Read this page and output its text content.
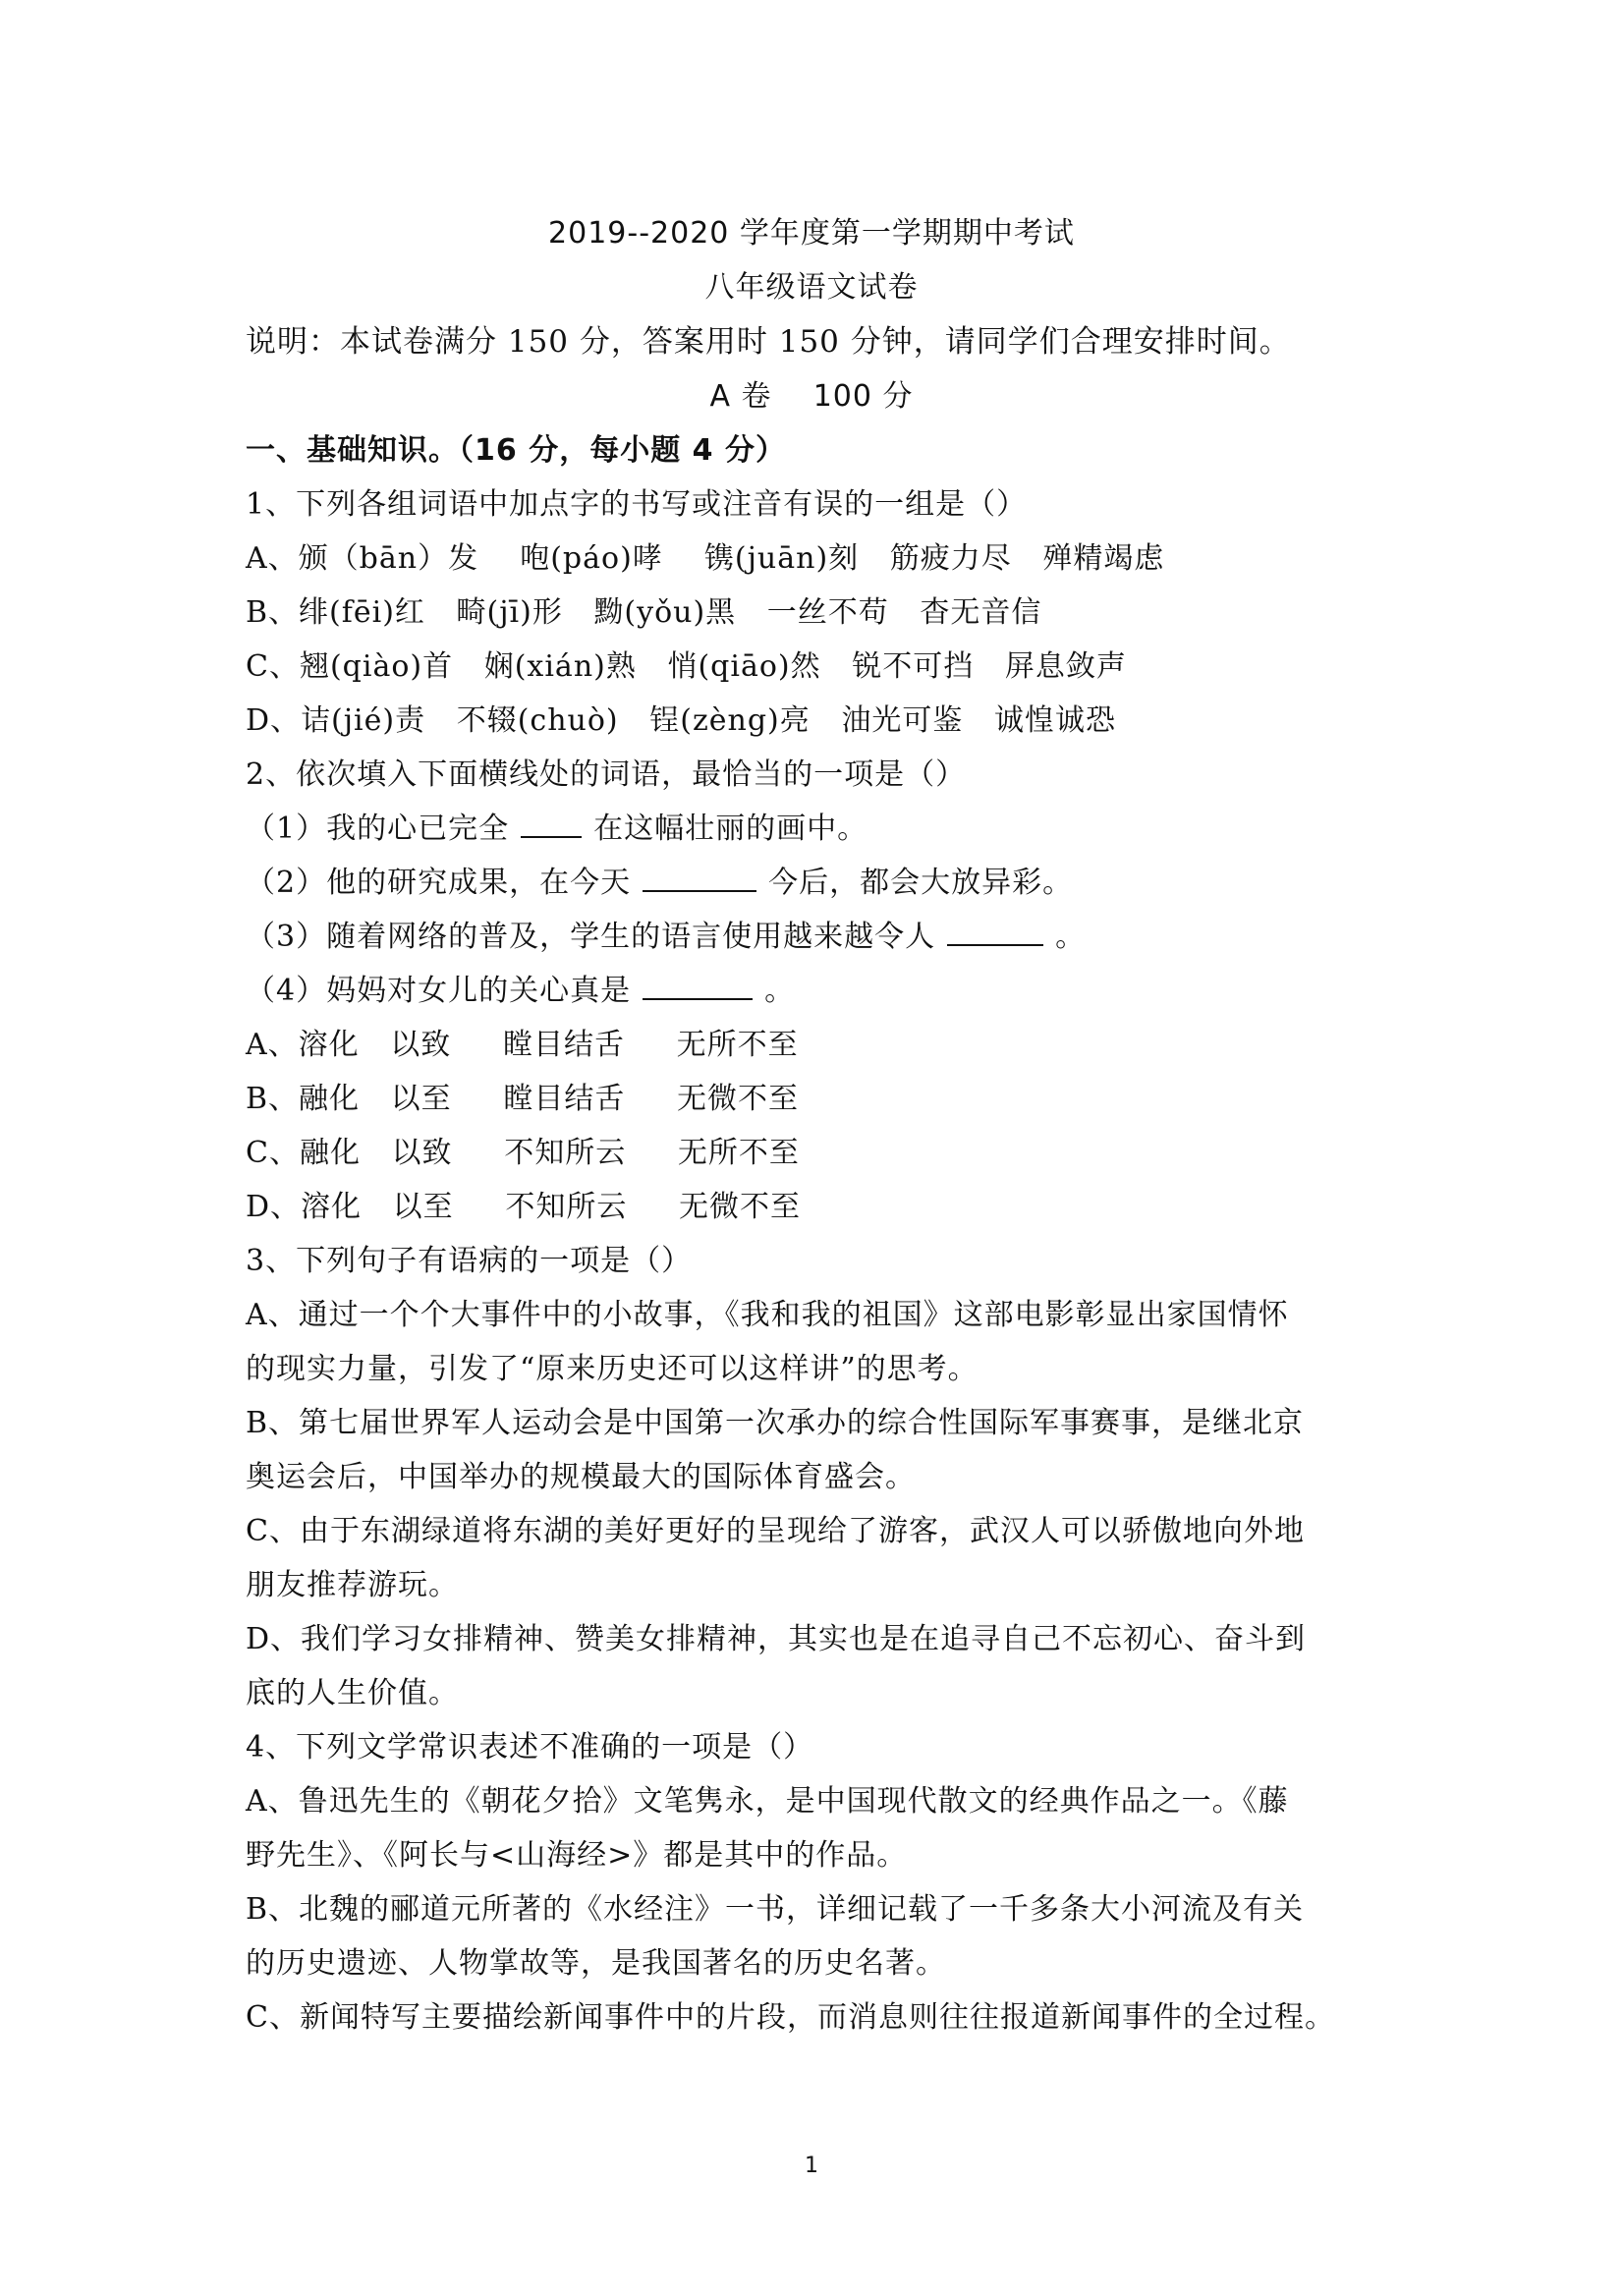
2019--2020 学年度第一学期期中考试
八年级语文试卷
说明：本试卷满分 150 分，答案用时 150 分钟，请同学们合理安排时间。
A 卷    100 分
一、基础知识。（16 分，每小题 4 分）
1、下列各组词语中加点字的书写或注音有误的一组是（）
A、颁（bān）发    咆(páo)哮    镌(juān)刻   筋疲力尽   殚精竭虑
B、绯(fēi)红   畸(jī)形   黝(yǒu)黑   一丝不苟   杳无音信
C、翘(qiào)首   娴(xián)熟   悄(qiāo)然   锐不可挡   屏息敛声
D、诘(jié)责   不辍(chuò)   锃(zèng)亮   油光可鉴   诚惶诚恐
2、依次填入下面横线处的词语，最恰当的一项是（）
（1）我的心已完全	在这幅壮丽的画中。
（2）他的研究成果，在今天	今后，都会大放异彩。
（3）随着网络的普及，学生的语言使用越来越令人	。
（4）妈妈对女儿的关心真是	。
A、溶化   以致     瞠目结舌     无所不至
B、融化   以至     瞠目结舌     无微不至
C、融化   以致     不知所云     无所不至
D、溶化   以至     不知所云     无微不至
3、下列句子有语病的一项是（）
A、通过一个个大事件中的小故事，《我和我的祖国》这部电影彰显出家国情怀
的现实力量，引发了“原来历史还可以这样讲”的思考。
B、第七届世界军人运动会是中国第一次承办的综合性国际军事赛事，是继北京
奥运会后，中国举办的规模最大的国际体育盛会。
C、由于东湖绿道将东湖的美好更好的呈现给了游客，武汉人可以骄傲地向外地
朋友推荐游玩。
D、我们学习女排精神、赞美女排精神，其实也是在追寻自己不忘初心、奋斗到
底的人生价值。
4、下列文学常识表述不准确的一项是（）
A、鲁迅先生的《朝花夕拾》文笔隽永，是中国现代散文的经典作品之一。《藤
野先生》、《阿长与<山海经>》都是其中的作品。
B、北魏的郦道元所著的《水经注》一书，详细记载了一千多条大小河流及有关
的历史遗迹、人物掌故等，是我国著名的历史名著。
C、新闻特写主要描绘新闻事件中的片段，而消息则往往报道新闻事件的全过程。
1
